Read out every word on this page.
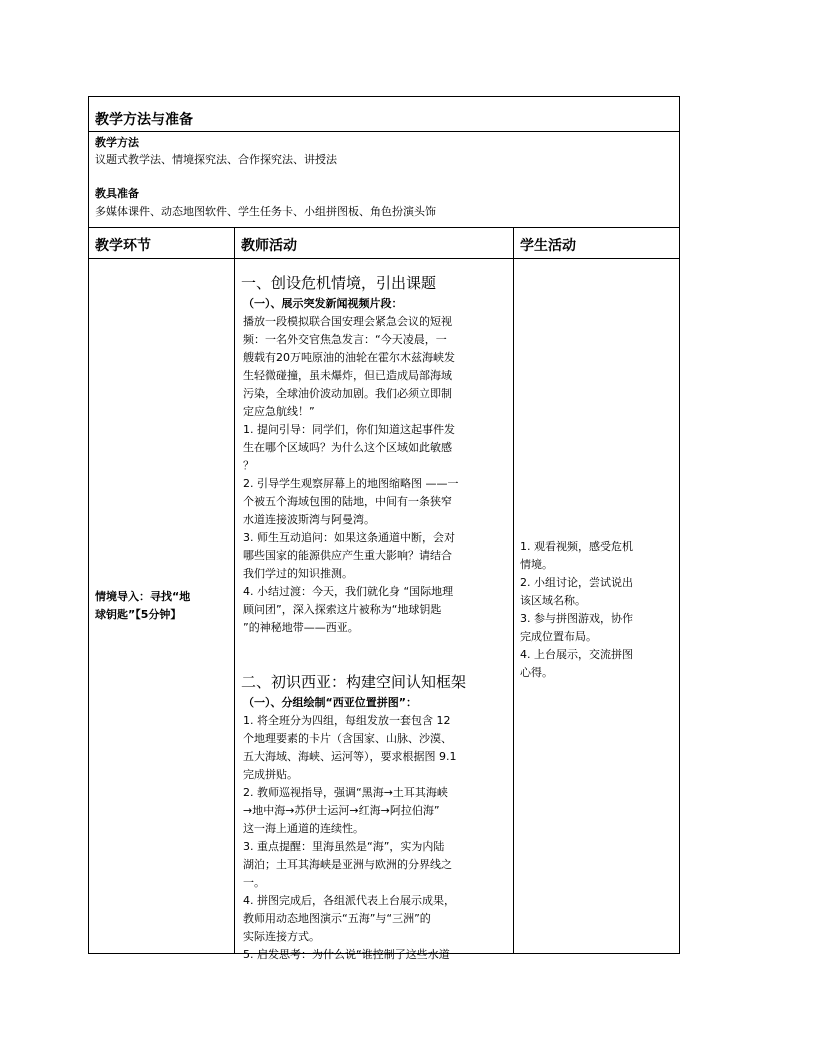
教学方法与准备
教学方法
议题式教学法、情境探究法、合作探究法、讲授法
教具准备
多媒体课件、动态地图软件、学生任务卡、小组拼图板、角色扮演头饰
教学环节	教师活动	学生活动
情境导入：寻找“地
球钥匙”【5分钟】
一、创设危机情境，引出课题
（一）、展示突发新闻视频片段：
播放一段模拟联合国安理会紧急会议的短视
频：一名外交官焦急发言：“今天凌晨，一
艘载有20万吨原油的油轮在霍尔木兹海峡发
生轻微碰撞，虽未爆炸，但已造成局部海域
污染，全球油价波动加剧。我们必须立即制
定应急航线！”
1. 提问引导：同学们，你们知道这起事件发
生在哪个区域吗？为什么这个区域如此敏感
？
2. 引导学生观察屏幕上的地图缩略图 ——一
个被五个海域包围的陆地，中间有一条狭窄
水道连接波斯湾与阿曼湾。
3. 师生互动追问：如果这条通道中断，会对
哪些国家的能源供应产生重大影响？请结合
我们学过的知识推测。
4. 小结过渡：今天，我们就化身 “国际地理
顾问团”，深入探索这片被称为“地球钥匙
”的神秘地带——西亚。
二、初识西亚：构建空间认知框架
（一）、分组绘制“西亚位置拼图”：
1. 将全班分为四组，每组发放一套包含 12
个地理要素的卡片（含国家、山脉、沙漠、
五大海域、海峡、运河等），要求根据图 9.1
完成拼贴。
2. 教师巡视指导，强调“黑海→土耳其海峡
→地中海→苏伊士运河→红海→阿拉伯海”
这一海上通道的连续性。
3. 重点提醒：里海虽然是“海”，实为内陆
湖泊；土耳其海峡是亚洲与欧洲的分界线之
一。
4. 拼图完成后，各组派代表上台展示成果，
教师用动态地图演示“五海”与“三洲”的
实际连接方式。
5. 启发思考：为什么说“谁控制了这些水道
1. 观看视频，感受危机
情境。
2. 小组讨论，尝试说出
该区域名称。
3. 参与拼图游戏，协作
完成位置布局。
4. 上台展示，交流拼图
心得。
